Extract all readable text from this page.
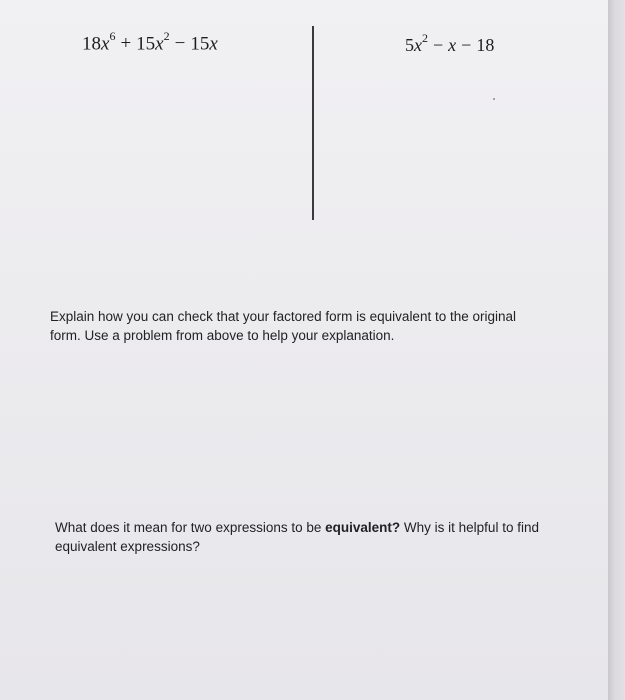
$18x^6 + 15x^2 - 15x$	$5x^2 - x - 18$
Explain how you can check that your factored form is equivalent to the original
form. Use a problem from above to help your explanation.
What does it mean for two expressions to be equivalent? Why is it helpful to find
equivalent expressions?
